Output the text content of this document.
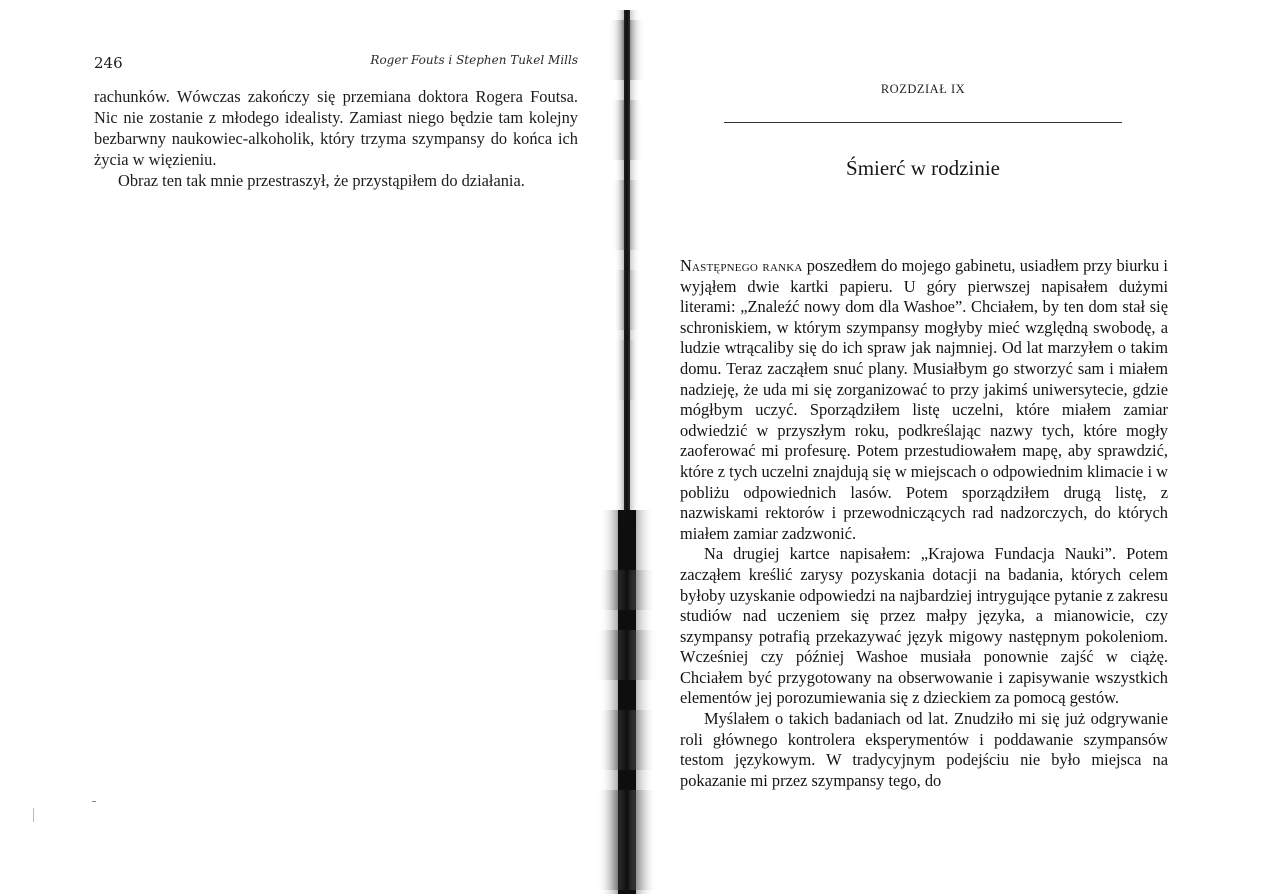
246	Roger Fouts i Stephen Tukel Mills

rachunków. Wówczas zakończy się przemiana doktora Rogera Foutsa. Nic nie zostanie z młodego idealisty. Zamiast niego będzie tam kolejny bezbarwny naukowiec-alkoholik, który trzyma szympansy do końca ich życia w więzieniu.

Obraz ten tak mnie przestraszył, że przystąpiłem do działania.

ROZDZIAŁ IX
Śmierć w rodzinie

Następnego ranka poszedłem do mojego gabinetu, usiadłem przy biurku i wyjąłem dwie kartki papieru. U góry pierwszej napisałem dużymi literami: „Znaleźć nowy dom dla Washoe”. Chciałem, by ten dom stał się schroniskiem, w którym szympansy mogłyby mieć względną swobodę, a ludzie wtrącaliby się do ich spraw jak najmniej. Od lat marzyłem o takim domu. Teraz zacząłem snuć plany. Musiałbym go stworzyć sam i miałem nadzieję, że uda mi się zorganizować to przy jakimś uniwersytecie, gdzie mógłbym uczyć. Sporządziłem listę uczelni, które miałem zamiar odwiedzić w przyszłym roku, podkreślając nazwy tych, które mogły zaoferować mi profesurę. Potem przestudiowałem mapę, aby sprawdzić, które z tych uczelni znajdują się w miejscach o odpowiednim klimacie i w pobliżu odpowiednich lasów. Potem sporządziłem drugą listę, z nazwiskami rektorów i przewodniczących rad nadzorczych, do których miałem zamiar zadzwonić.

Na drugiej kartce napisałem: „Krajowa Fundacja Nauki”. Potem zacząłem kreślić zarysy pozyskania dotacji na badania, których celem byłoby uzyskanie odpowiedzi na najbardziej intrygujące pytanie z zakresu studiów nad uczeniem się przez małpy języka, a mianowicie, czy szympansy potrafią przekazywać język migowy następnym pokoleniom. Wcześniej czy później Washoe musiała ponownie zajść w ciążę. Chciałem być przygotowany na obserwowanie i zapisywanie wszystkich elementów jej porozumiewania się z dzieckiem za pomocą gestów.

Myślałem o takich badaniach od lat. Znudziło mi się już odgrywanie roli głównego kontrolera eksperymentów i poddawanie szympansów testom językowym. W tradycyjnym podejściu nie było miejsca na pokazanie mi przez szympansy tego, do
